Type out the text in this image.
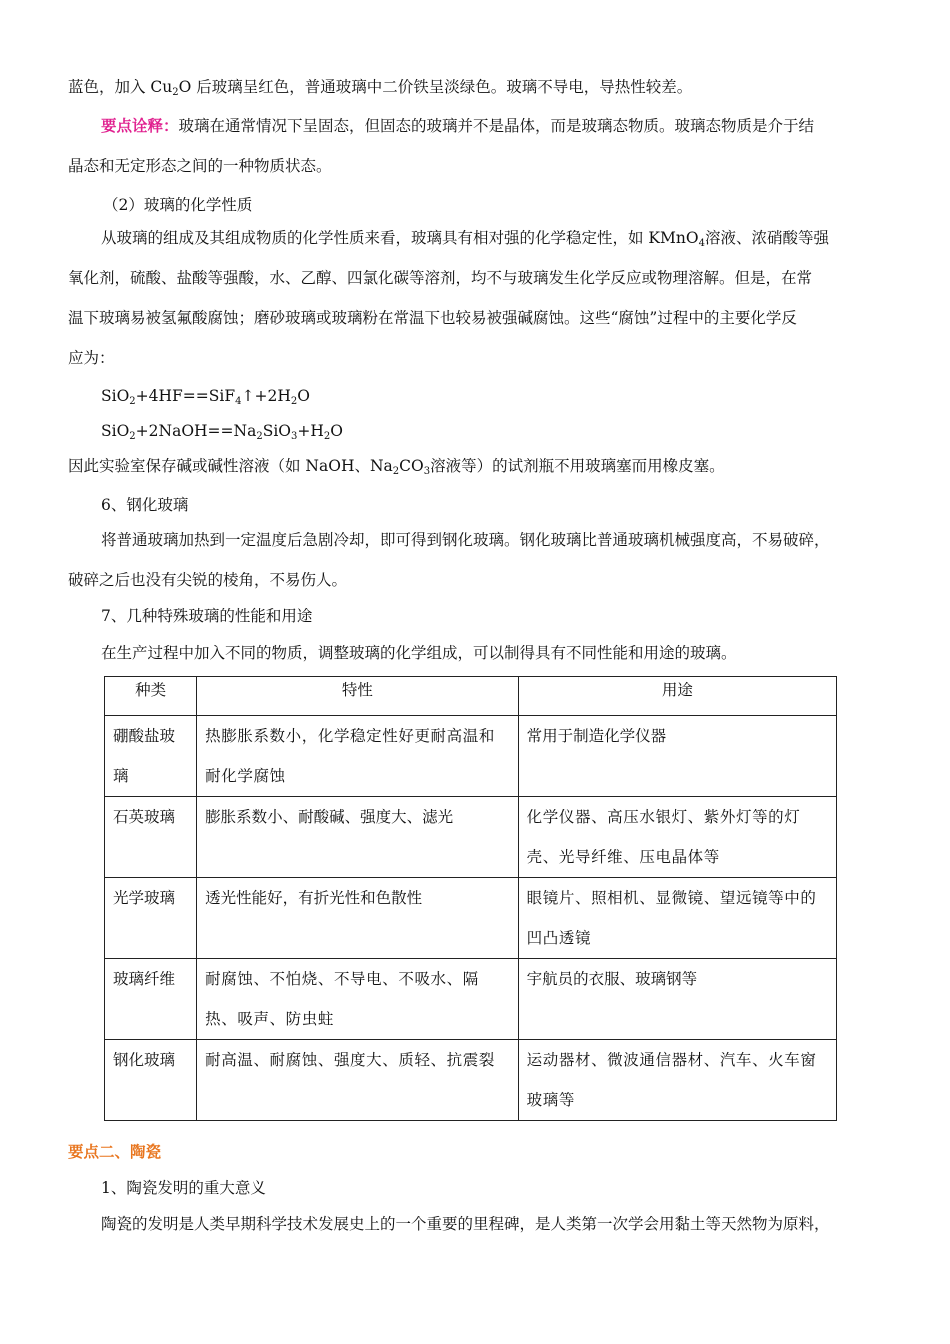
蓝色，加入 $Cu_2O$ 后玻璃呈红色，普通玻璃中二价铁呈淡绿色。玻璃不导电，导热性较差。
要点诠释：玻璃在通常情况下呈固态，但固态的玻璃并不是晶体，而是玻璃态物质。玻璃态物质是介于结
晶态和无定形态之间的一种物质状态。
（2）玻璃的化学性质
从玻璃的组成及其组成物质的化学性质来看，玻璃具有相对强的化学稳定性，如 KMnO$_4$溶液、浓硝酸等强
氧化剂，硫酸、盐酸等强酸，水、乙醇、四氯化碳等溶剂，均不与玻璃发生化学反应或物理溶解。但是，在常
温下玻璃易被氢氟酸腐蚀；磨砂玻璃或玻璃粉在常温下也较易被强碱腐蚀。这些“腐蚀”过程中的主要化学反
应为：
$SiO_2+4HF==SiF_4↑+2H_2O$
$SiO_2+2NaOH==Na_2SiO_3+H_2O$
因此实验室保存碱或碱性溶液（如 NaOH、$Na_2CO_3$溶液等）的试剂瓶不用玻璃塞而用橡皮塞。
6、钢化玻璃
将普通玻璃加热到一定温度后急剧冷却，即可得到钢化玻璃。钢化玻璃比普通玻璃机械强度高，不易破碎，
破碎之后也没有尖锐的棱角，不易伤人。
7、几种特殊玻璃的性能和用途
在生产过程中加入不同的物质，调整玻璃的化学组成，可以制得具有不同性能和用途的玻璃。
种类	特性	用途
硼酸盐玻璃	热膨胀系数小，化学稳定性好更耐高温和耐化学腐蚀	常用于制造化学仪器
石英玻璃	膨胀系数小、耐酸碱、强度大、滤光	化学仪器、高压水银灯、紫外灯等的灯壳、光导纤维、压电晶体等
光学玻璃	透光性能好，有折光性和色散性	眼镜片、照相机、显微镜、望远镜等中的凹凸透镜
玻璃纤维	耐腐蚀、不怕烧、不导电、不吸水、隔热、吸声、防虫蛀	宇航员的衣服、玻璃钢等
钢化玻璃	耐高温、耐腐蚀、强度大、质轻、抗震裂	运动器材、微波通信器材、汽车、火车窗玻璃等
要点二、陶瓷
1、陶瓷发明的重大意义
陶瓷的发明是人类早期科学技术发展史上的一个重要的里程碑，是人类第一次学会用黏土等天然物为原料，
